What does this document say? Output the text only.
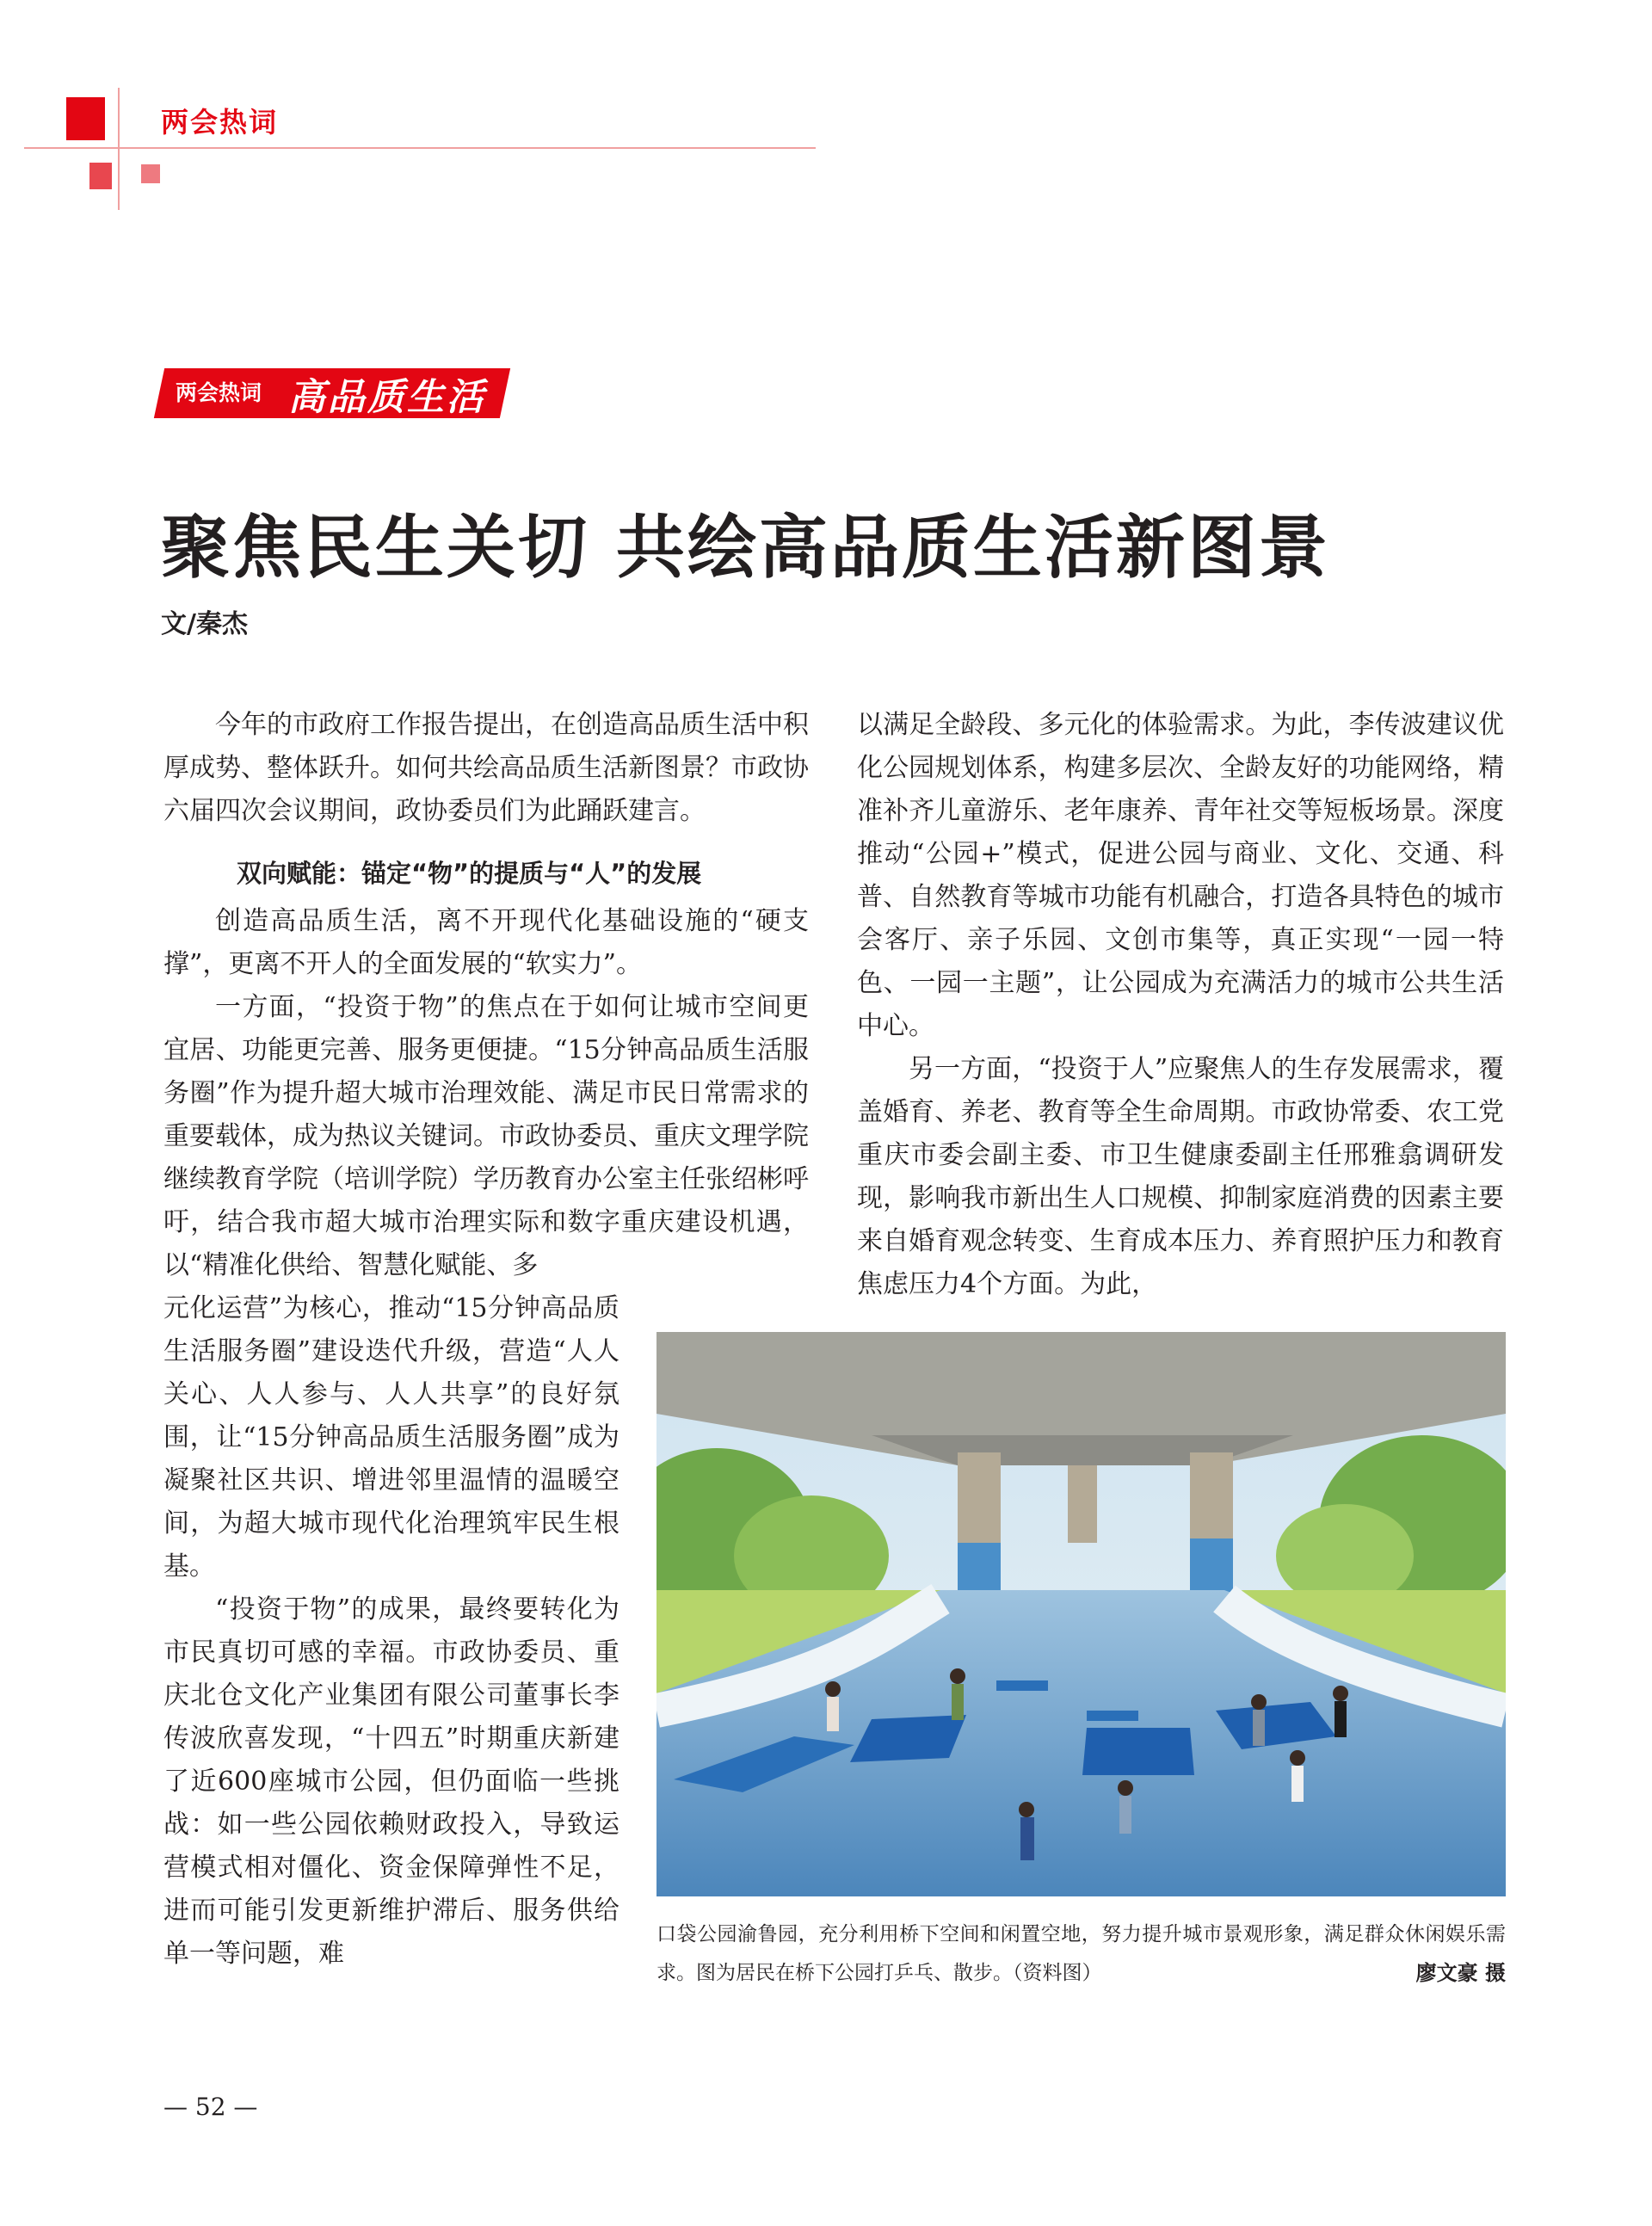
两会热词
两会热词 高品质生活
聚焦民生关切 共绘高品质生活新图景
文/秦杰

今年的市政府工作报告提出，在创造高品质生活中积厚成势、整体跃升。如何共绘高品质生活新图景？市政协六届四次会议期间，政协委员们为此踊跃建言。

双向赋能：锚定“物”的提质与“人”的发展

创造高品质生活，离不开现代化基础设施的“硬支撑”，更离不开人的全面发展的“软实力”。

一方面，“投资于物”的焦点在于如何让城市空间更宜居、功能更完善、服务更便捷。“15分钟高品质生活服务圈”作为提升超大城市治理效能、满足市民日常需求的重要载体，成为热议关键词。市政协委员、重庆文理学院继续教育学院（培训学院）学历教育办公室主任张绍彬呼吁，结合我市超大城市治理实际和数字重庆建设机遇，以“精准化供给、智慧化赋能、多

元化运营”为核心，推动“15分钟高品质生活服务圈”建设迭代升级，营造“人人关心、人人参与、人人共享”的良好氛围，让“15分钟高品质生活服务圈”成为凝聚社区共识、增进邻里温情的温暖空间，为超大城市现代化治理筑牢民生根基。

“投资于物”的成果，最终要转化为市民真切可感的幸福。市政协委员、重庆北仓文化产业集团有限公司董事长李传波欣喜发现，“十四五”时期重庆新建了近600座城市公园，但仍面临一些挑战：如一些公园依赖财政投入，导致运营模式相对僵化、资金保障弹性不足，进而可能引发更新维护滞后、服务供给单一等问题，难

以满足全龄段、多元化的体验需求。为此，李传波建议优化公园规划体系，构建多层次、全龄友好的功能网络，精准补齐儿童游乐、老年康养、青年社交等短板场景。深度推动“公园+”模式，促进公园与商业、文化、交通、科普、自然教育等城市功能有机融合，打造各具特色的城市会客厅、亲子乐园、文创市集等，真正实现“一园一特色、一园一主题”，让公园成为充满活力的城市公共生活中心。

另一方面，“投资于人”应聚焦人的生存发展需求，覆盖婚育、养老、教育等全生命周期。市政协常委、农工党重庆市委会副主委、市卫生健康委副主任邢雅翕调研发现，影响我市新出生人口规模、抑制家庭消费的因素主要来自婚育观念转变、生育成本压力、养育照护压力和教育焦虑压力4个方面。为此，

口袋公园渝鲁园，充分利用桥下空间和闲置空地，努力提升城市景观形象，满足群众休闲娱乐需求。图为居民在桥下公园打乒乓、散步。（资料图）	廖文豪 摄
— 52 —
